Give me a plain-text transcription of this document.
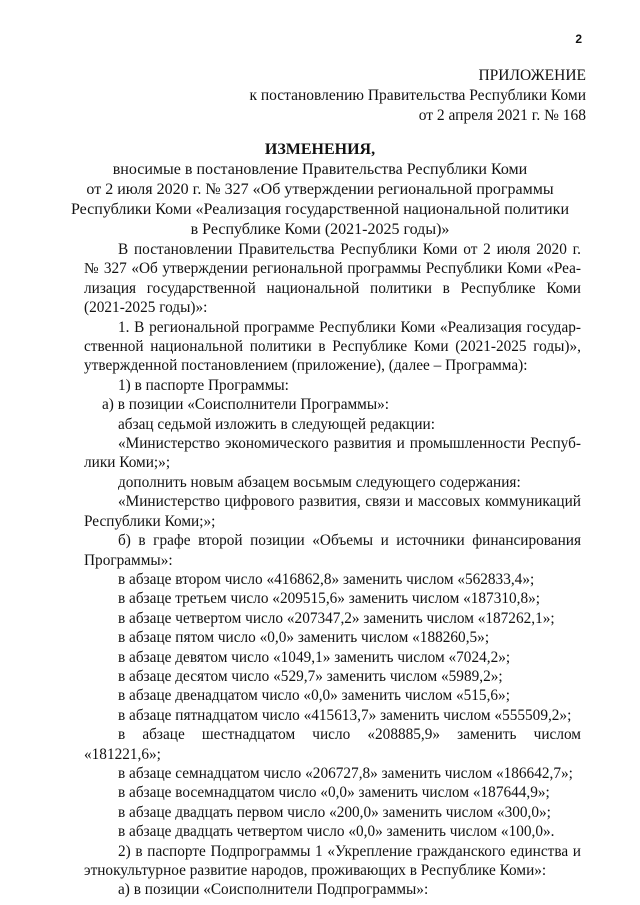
2
ПРИЛОЖЕНИЕ
к постановлению Правительства Республики Коми
от 2 апреля 2021 г. № 168
ИЗМЕНЕНИЯ,
вносимые в постановление Правительства Республики Коми
от 2 июля 2020 г. № 327 «Об утверждении региональной программы
Республики Коми «Реализация государственной национальной политики
в Республике Коми (2021-2025 годы)»

В постановлении Правительства Республики Коми от 2 июля 2020 г.
№ 327 «Об утверждении региональной программы Республики Коми «Реа-
лизация государственной национальной политики в Республике Коми
(2021-2025 годы)»:

1. В региональной программе Республики Коми «Реализация государ-
ственной национальной политики в Республике Коми (2021-2025 годы)»,
утвержденной постановлением (приложение), (далее – Программа):

1) в паспорте Программы:

а) в позиции «Соисполнители Программы»:

абзац седьмой изложить в следующей редакции:

«Министерство экономического развития и промышленности Респуб-
лики Коми;»;

дополнить новым абзацем восьмым следующего содержания:

«Министерство цифрового развития, связи и массовых коммуникаций
Республики Коми;»;

б) в графе второй позиции «Объемы и источники финансирования
Программы»:

в абзаце втором число «416862,8» заменить числом «562833,4»;

в абзаце третьем число «209515,6» заменить числом «187310,8»;

в абзаце четвертом число «207347,2» заменить числом «187262,1»;

в абзаце пятом число «0,0» заменить числом «188260,5»;

в абзаце девятом число «1049,1» заменить числом «7024,2»;

в абзаце десятом число «529,7» заменить числом «5989,2»;

в абзаце двенадцатом число «0,0» заменить числом «515,6»;

в абзаце пятнадцатом число «415613,7» заменить числом «555509,2»;

в абзаце шестнадцатом число «208885,9» заменить числом
«181221,6»;

в абзаце семнадцатом число «206727,8» заменить числом «186642,7»;

в абзаце восемнадцатом число «0,0» заменить числом «187644,9»;

в абзаце двадцать первом число «200,0» заменить числом «300,0»;

в абзаце двадцать четвертом число «0,0» заменить числом «100,0».

2) в паспорте Подпрограммы 1 «Укрепление гражданского единства и
этнокультурное развитие народов, проживающих в Республике Коми»:

а) в позиции «Соисполнители Подпрограммы»:
